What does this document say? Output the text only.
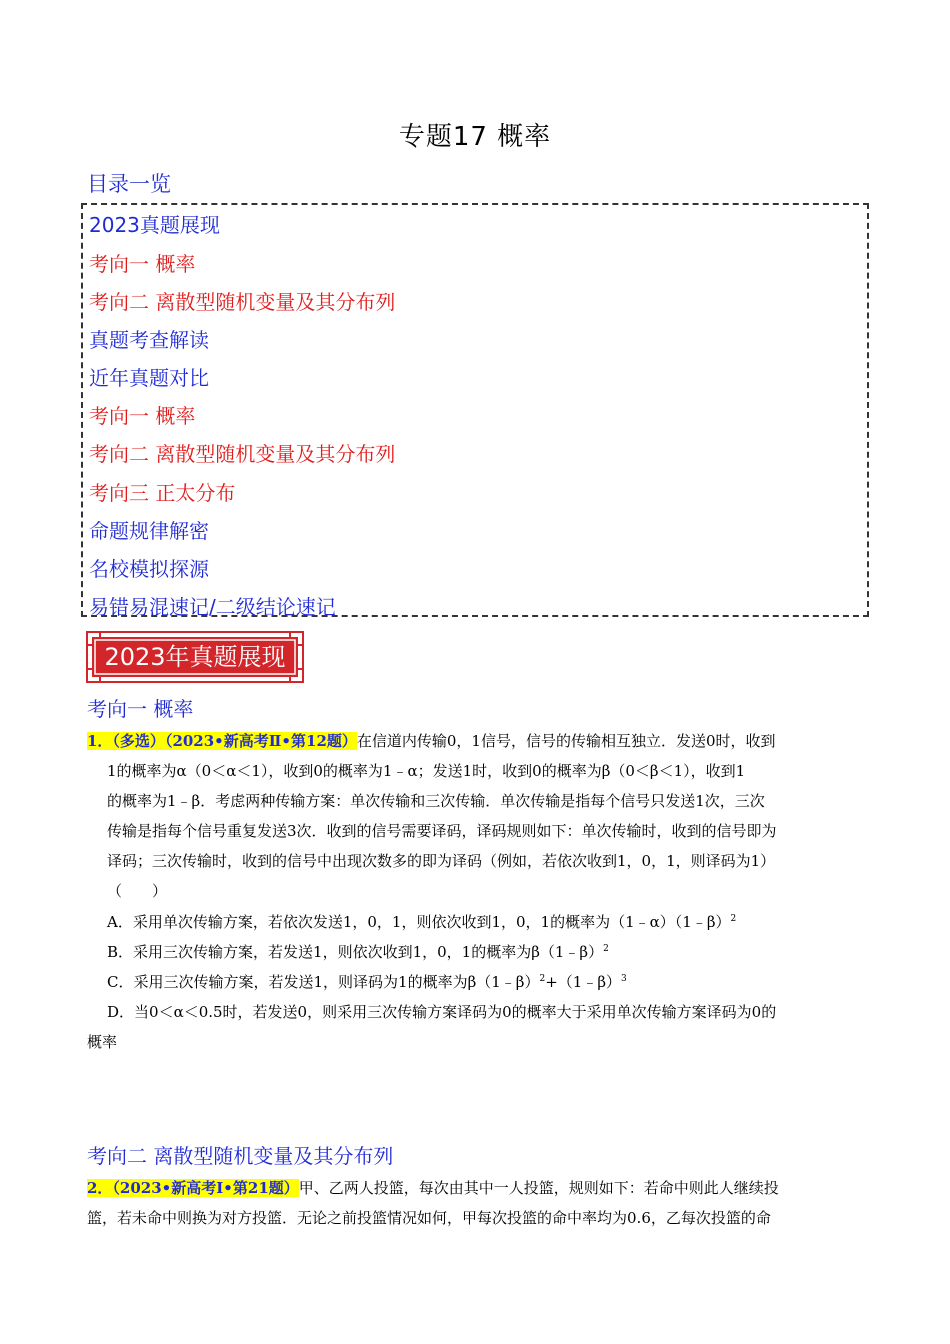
专题17 概率
目录一览
2023真题展现
考向一 概率
考向二 离散型随机变量及其分布列
真题考查解读
近年真题对比
考向一 概率
考向二 离散型随机变量及其分布列
考向三 正太分布
命题规律解密
名校模拟探源
易错易混速记/二级结论速记
2023年真题展现
考向一 概率
1．（多选）（2023•新高考Ⅱ•第12题）在信道内传输0，1信号，信号的传输相互独立．发送0时，收到
1的概率为α（0＜α＜1），收到0的概率为1﹣α；发送1时，收到0的概率为β（0＜β＜1），收到1
的概率为1﹣β．考虑两种传输方案：单次传输和三次传输．单次传输是指每个信号只发送1次，三次
传输是指每个信号重复发送3次．收到的信号需要译码，译码规则如下：单次传输时，收到的信号即为
译码；三次传输时，收到的信号中出现次数多的即为译码（例如，若依次收到1，0，1，则译码为1）
（　　）
A．采用单次传输方案，若依次发送1，0，1，则依次收到1，0，1的概率为（1﹣α）（1﹣β）$^2$
B．采用三次传输方案，若发送1，则依次收到1，0，1的概率为β（1﹣β）$^2$
C．采用三次传输方案，若发送1，则译码为1的概率为β（1﹣β）$^2$+（1﹣β）$^3$
D．当0＜α＜0.5时，若发送0，则采用三次传输方案译码为0的概率大于采用单次传输方案译码为0的
概率
考向二 离散型随机变量及其分布列
2．（2023•新高考Ⅰ•第21题）甲、乙两人投篮，每次由其中一人投篮，规则如下：若命中则此人继续投
篮，若未命中则换为对方投篮．无论之前投篮情况如何，甲每次投篮的命中率均为0.6，乙每次投篮的命
